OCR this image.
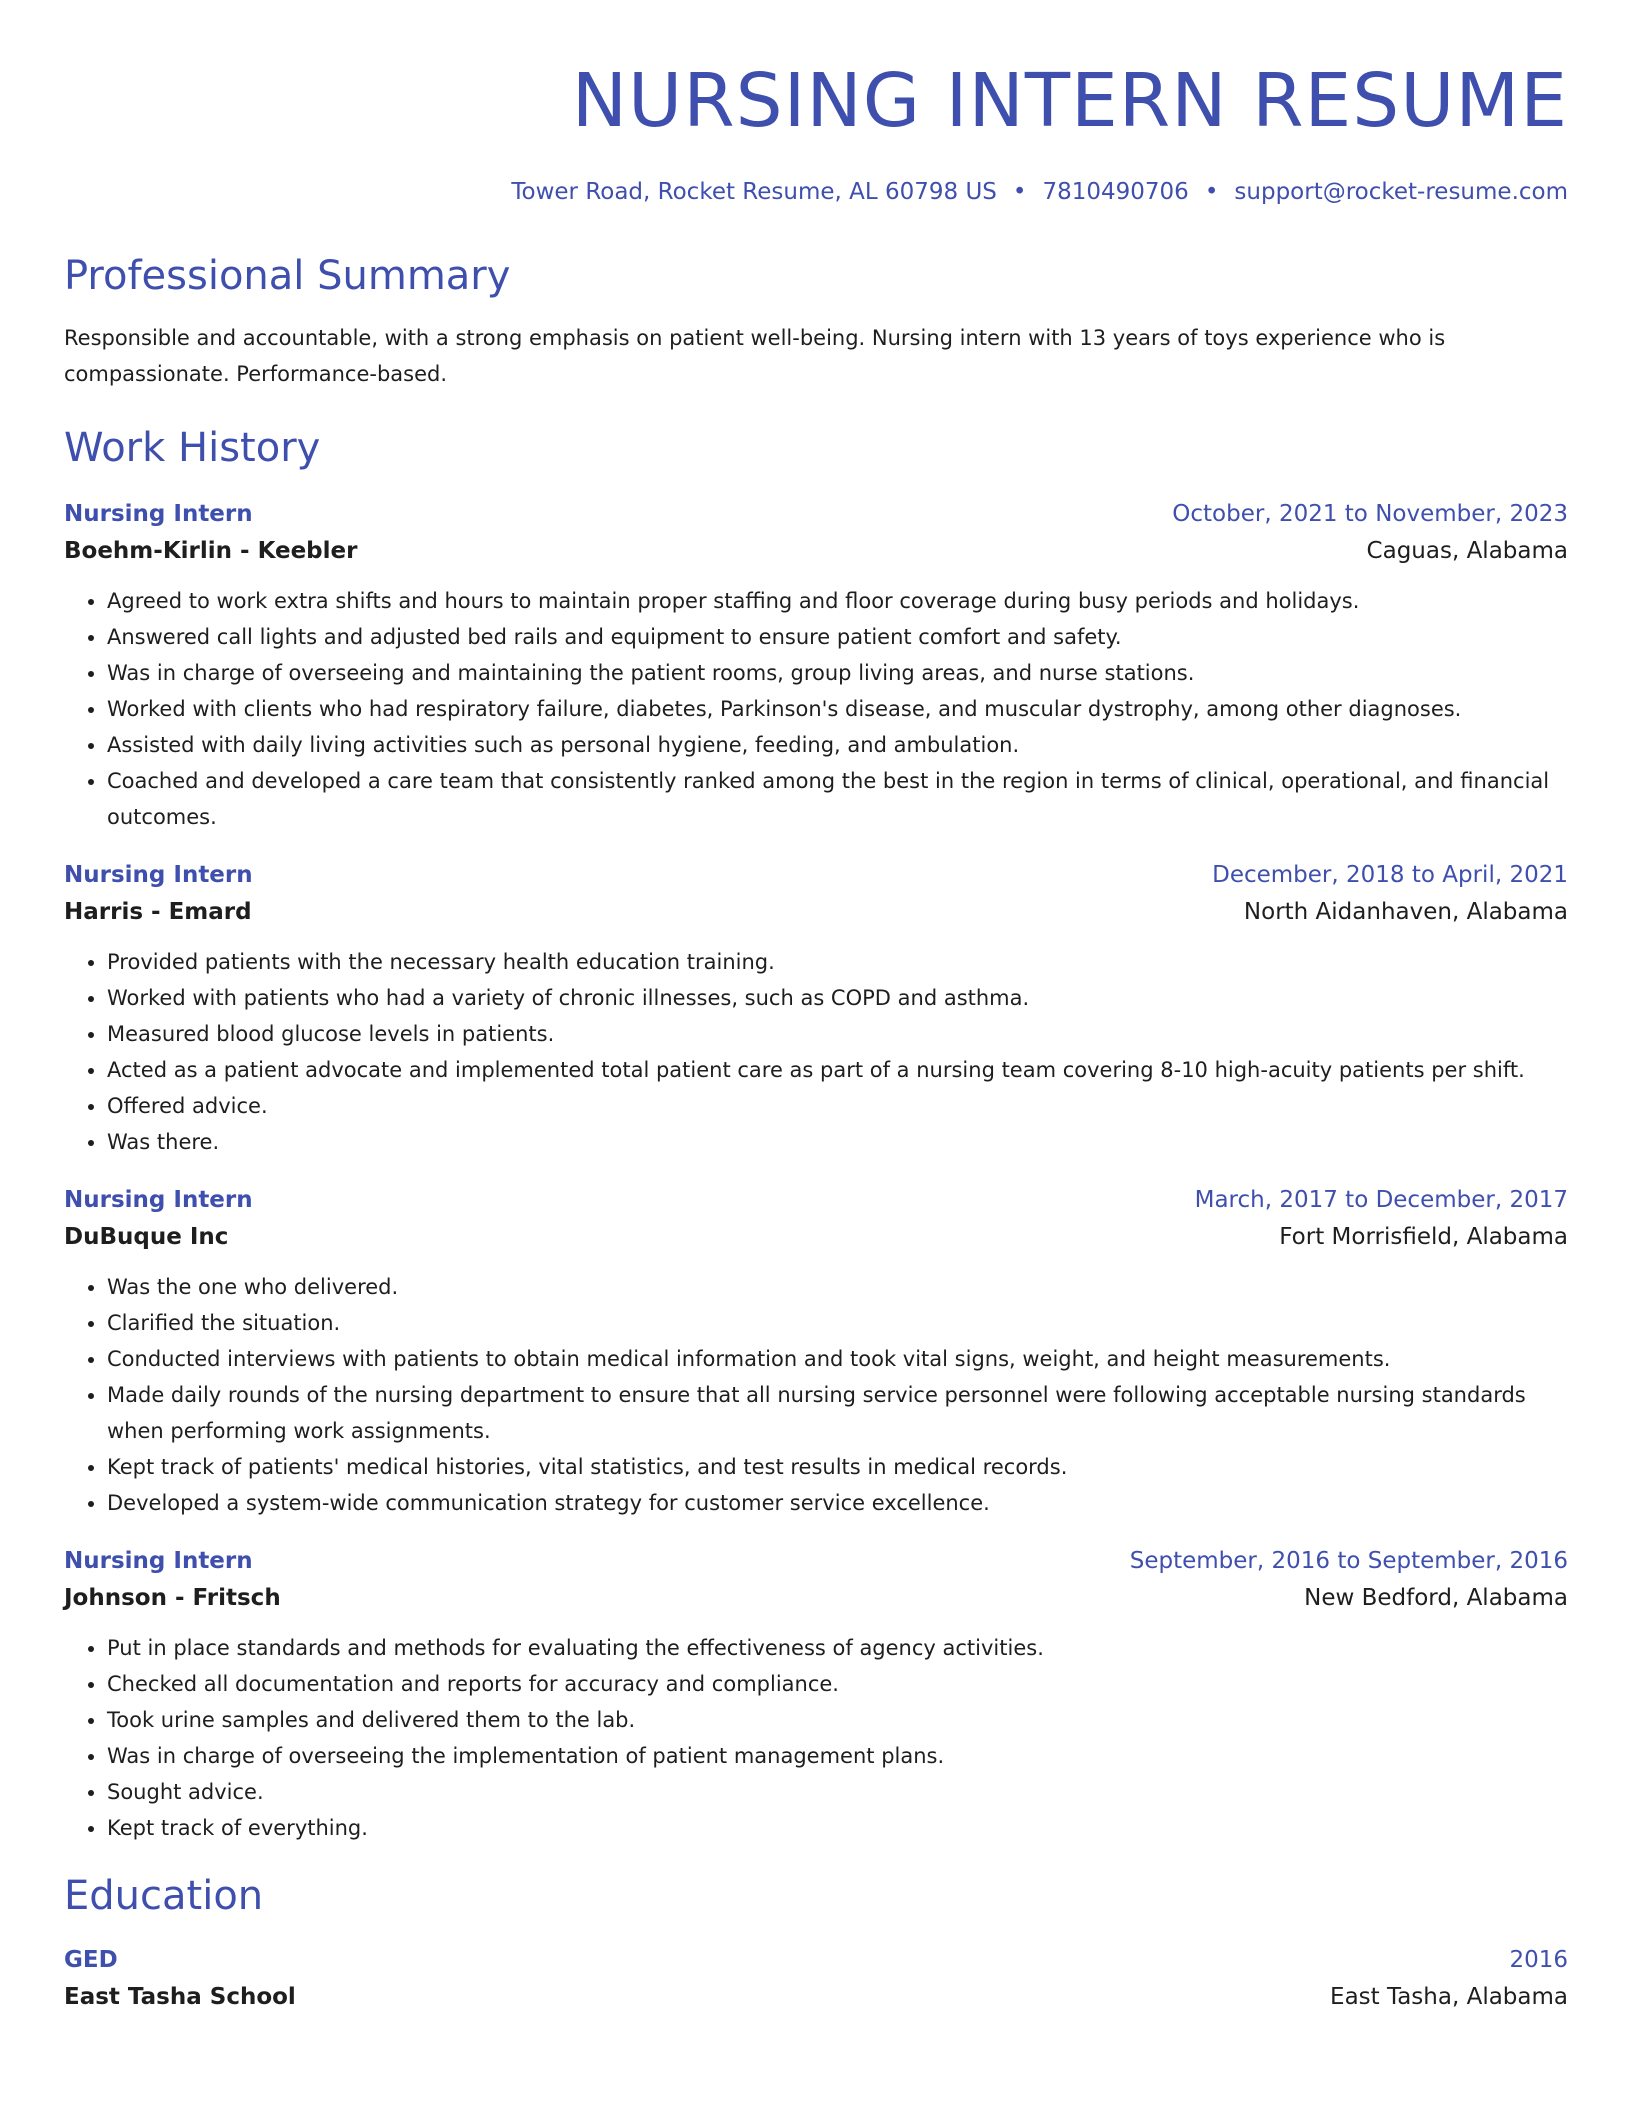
NURSING INTERN RESUME
Tower Road, Rocket Resume, AL 60798 US • 7810490706 • support@rocket-resume.com
Professional Summary
Responsible and accountable, with a strong emphasis on patient well-being. Nursing intern with 13 years of toys experience who is compassionate. Performance-based.
Work History
Nursing Intern	October, 2021 to November, 2023
Boehm-Kirlin - Keebler	Caguas, Alabama
• Agreed to work extra shifts and hours to maintain proper staffing and floor coverage during busy periods and holidays.
• Answered call lights and adjusted bed rails and equipment to ensure patient comfort and safety.
• Was in charge of overseeing and maintaining the patient rooms, group living areas, and nurse stations.
• Worked with clients who had respiratory failure, diabetes, Parkinson's disease, and muscular dystrophy, among other diagnoses.
• Assisted with daily living activities such as personal hygiene, feeding, and ambulation.
• Coached and developed a care team that consistently ranked among the best in the region in terms of clinical, operational, and financial outcomes.
Nursing Intern	December, 2018 to April, 2021
Harris - Emard	North Aidanhaven, Alabama
• Provided patients with the necessary health education training.
• Worked with patients who had a variety of chronic illnesses, such as COPD and asthma.
• Measured blood glucose levels in patients.
• Acted as a patient advocate and implemented total patient care as part of a nursing team covering 8-10 high-acuity patients per shift.
• Offered advice.
• Was there.
Nursing Intern	March, 2017 to December, 2017
DuBuque Inc	Fort Morrisfield, Alabama
• Was the one who delivered.
• Clarified the situation.
• Conducted interviews with patients to obtain medical information and took vital signs, weight, and height measurements.
• Made daily rounds of the nursing department to ensure that all nursing service personnel were following acceptable nursing standards when performing work assignments.
• Kept track of patients' medical histories, vital statistics, and test results in medical records.
• Developed a system-wide communication strategy for customer service excellence.
Nursing Intern	September, 2016 to September, 2016
Johnson - Fritsch	New Bedford, Alabama
• Put in place standards and methods for evaluating the effectiveness of agency activities.
• Checked all documentation and reports for accuracy and compliance.
• Took urine samples and delivered them to the lab.
• Was in charge of overseeing the implementation of patient management plans.
• Sought advice.
• Kept track of everything.
Education
GED	2016
East Tasha School	East Tasha, Alabama
